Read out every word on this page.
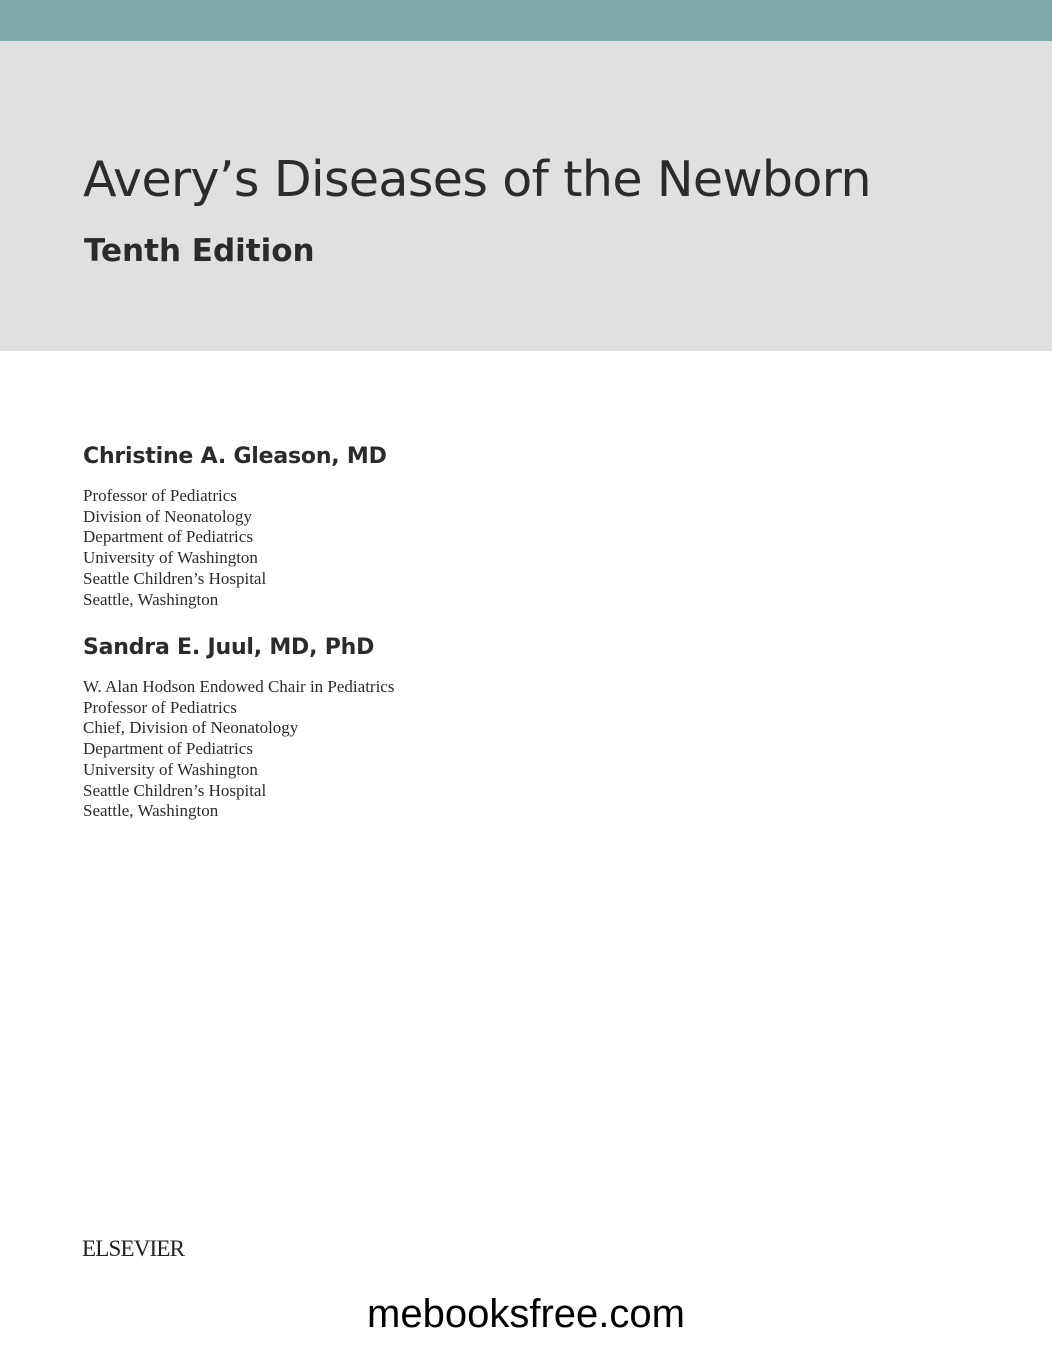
Avery’s Diseases of the Newborn
Tenth Edition
Christine A. Gleason, MD
Professor of Pediatrics
Division of Neonatology
Department of Pediatrics
University of Washington
Seattle Children’s Hospital
Seattle, Washington
Sandra E. Juul, MD, PhD
W. Alan Hodson Endowed Chair in Pediatrics
Professor of Pediatrics
Chief, Division of Neonatology
Department of Pediatrics
University of Washington
Seattle Children’s Hospital
Seattle, Washington
ELSEVIER
mebooksfree.com
